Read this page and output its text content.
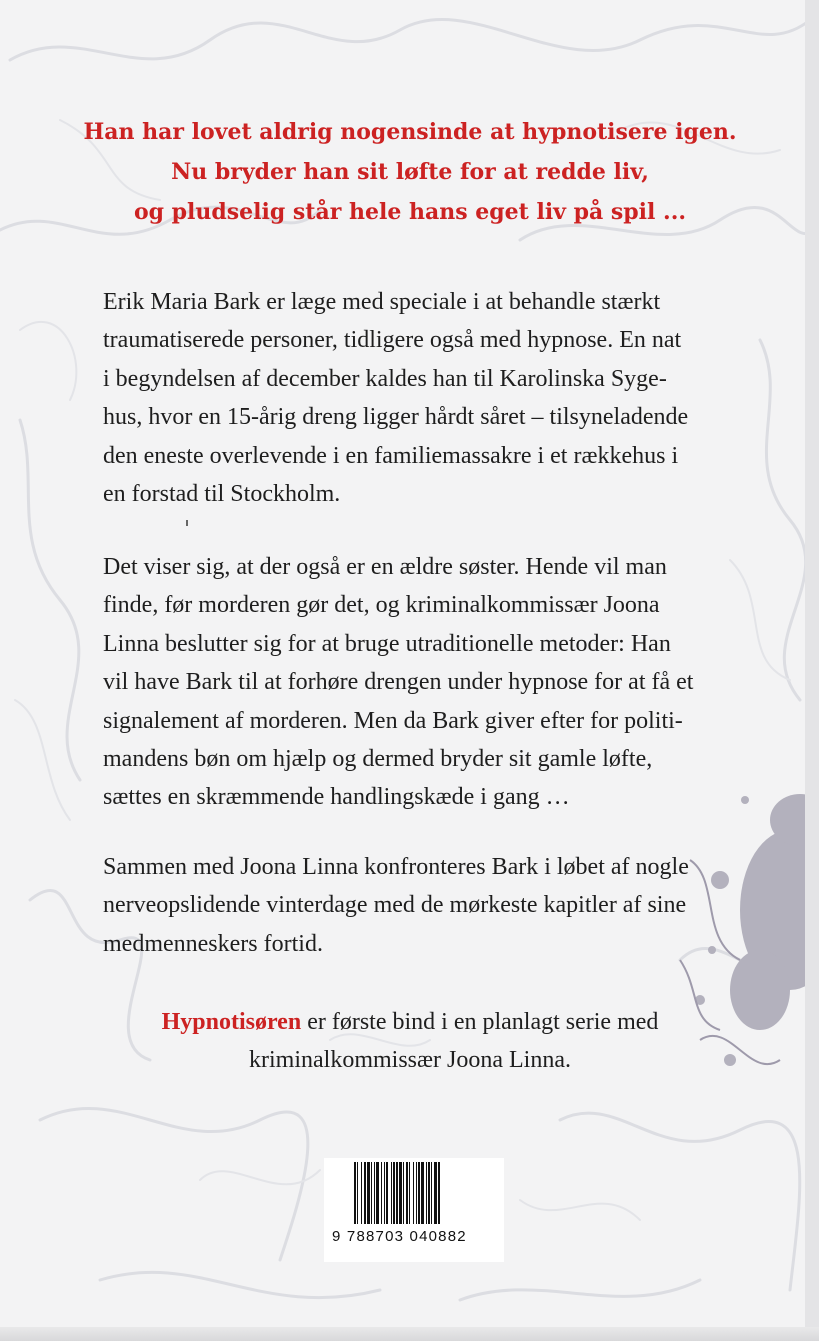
Han har lovet aldrig nogensinde at hypnotisere igen.
Nu bryder han sit løfte for at redde liv,
og pludselig står hele hans eget liv på spil ...
Erik Maria Bark er læge med speciale i at behandle stærkt
traumatiserede personer, tidligere også med hypnose. En nat
i begyndelsen af december kaldes han til Karolinska Syge-
hus, hvor en 15-årig dreng ligger hårdt såret – tilsyneladende
den eneste overlevende i en familiemassakre i et rækkehus i
en forstad til Stockholm.
Det viser sig, at der også er en ældre søster. Hende vil man
finde, før morderen gør det, og kriminalkommissær Joona
Linna beslutter sig for at bruge utraditionelle metoder: Han
vil have Bark til at forhøre drengen under hypnose for at få et
signalement af morderen. Men da Bark giver efter for politi-
mandens bøn om hjælp og dermed bryder sit gamle løfte,
sættes en skræmmende handlingskæde i gang …
Sammen med Joona Linna konfronteres Bark i løbet af nogle
nerveopslidende vinterdage med de mørkeste kapitler af sine
medmenneskers fortid.
Hypnotisøren er første bind i en planlagt serie med
kriminalkommissær Joona Linna.
9 788703 040882
